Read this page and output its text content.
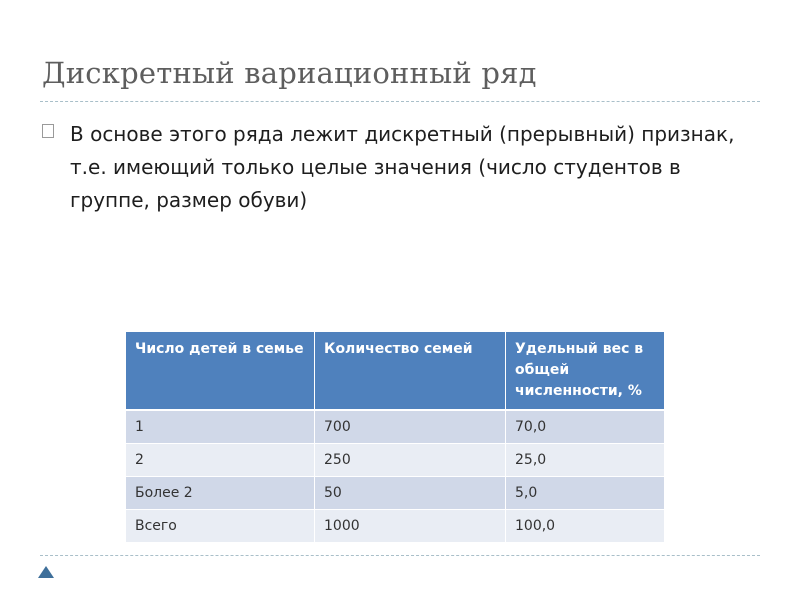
Дискретный вариационный ряд

В основе этого ряда лежит дискретный (прерывный) признак, т.е. имеющий только целые значения (число студентов в группе, размер обуви)

Число детей в семье	Количество семей	Удельный вес в общей численности, %
1	700	70,0
2	250	25,0
Более 2	50	5,0
Всего	1000	100,0
